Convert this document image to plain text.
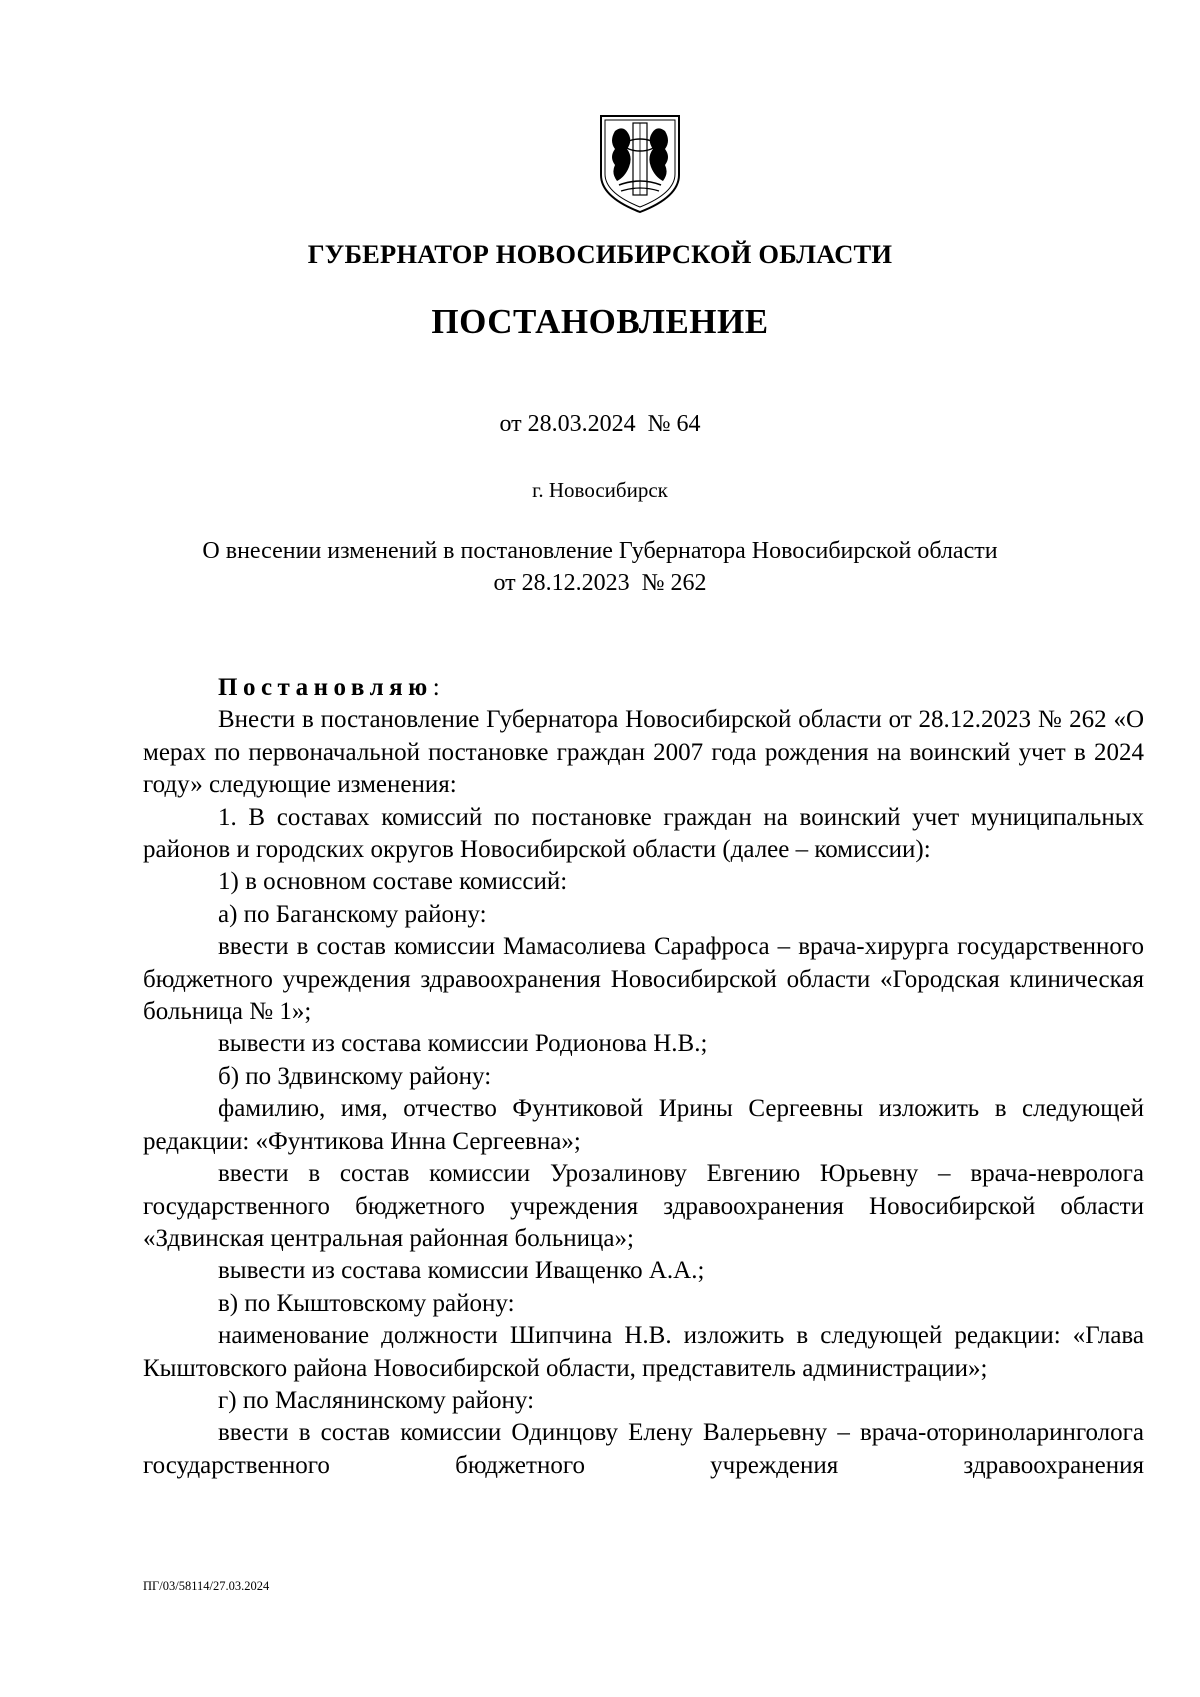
ГУБЕРНАТОР НОВОСИБИРСКОЙ ОБЛАСТИ
ПОСТАНОВЛЕНИЕ
от 28.03.2024  № 64
г. Новосибирск
О внесении изменений в постановление Губернатора Новосибирской области
от 28.12.2023  № 262

Постановляю:

Внести в постановление Губернатора Новосибирской области от 28.12.2023 № 262 «О мерах по первоначальной постановке граждан 2007 года рождения на воинский учет в 2024 году» следующие изменения:

1. В составах комиссий по постановке граждан на воинский учет муниципальных районов и городских округов Новосибирской области (далее – комиссии):

1) в основном составе комиссий:

а) по Баганскому району:

ввести в состав комиссии Мамасолиева Сарафроса – врача-хирурга государственного бюджетного учреждения здравоохранения Новосибирской области «Городская клиническая больница № 1»;

вывести из состава комиссии Родионова Н.В.;

б) по Здвинскому району:

фамилию, имя, отчество Фунтиковой Ирины Сергеевны изложить в следующей редакции: «Фунтикова Инна Сергеевна»;

ввести в состав комиссии Урозалинову Евгению Юрьевну – врача-невролога государственного бюджетного учреждения здравоохранения Новосибирской области «Здвинская центральная районная больница»;

вывести из состава комиссии Иващенко А.А.;

в) по Кыштовскому району:

наименование должности Шипчина Н.В. изложить в следующей редакции: «Глава Кыштовского района Новосибирской области, представитель администрации»;

г) по Маслянинскому району:

ввести в состав комиссии Одинцову Елену Валерьевну – врача-оториноларинголога государственного бюджетного учреждения здравоохранения

ПГ/03/58114/27.03.2024
